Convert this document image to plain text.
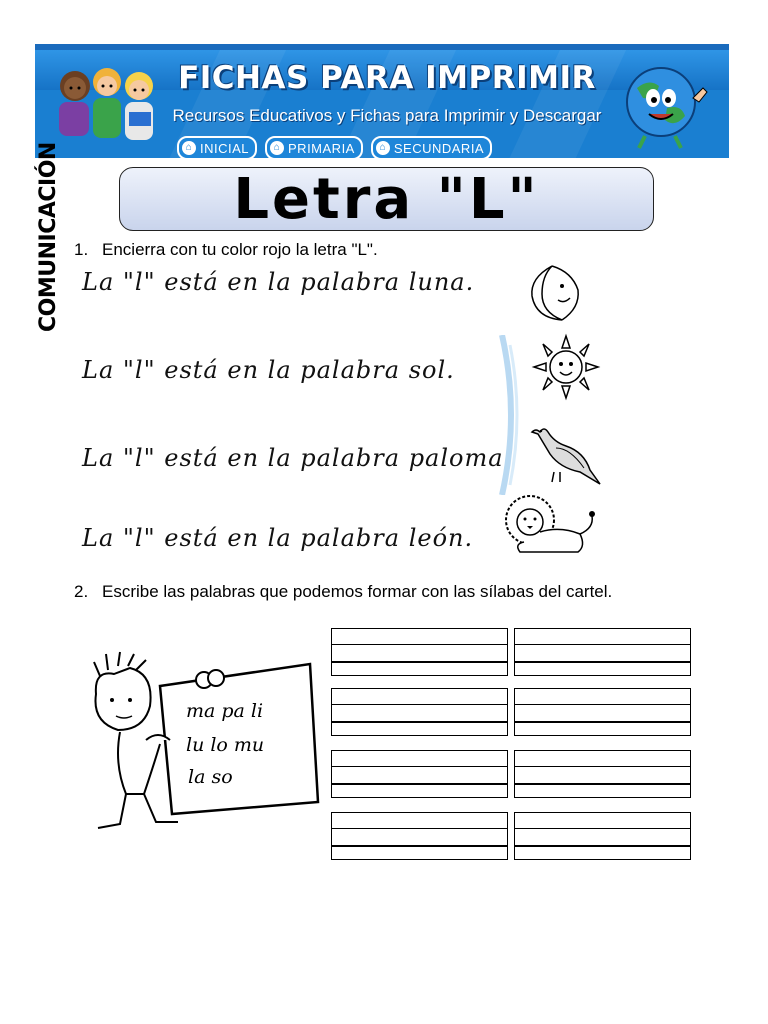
FICHAS PARA IMPRIMIR
Recursos Educativos y Fichas para Imprimir y Descargar
⌂ INICIAL	⌂ PRIMARIA	⌂ SECUNDARIA
COMUNICACIÓN	Letra "L"
1. Encierra con tu color rojo la letra "L".
La "l" está en la palabra luna.
La "l" está en la palabra sol.
La "l" está en la palabra paloma.
La "l" está en la palabra león.
2. Escribe las palabras que podemos formar con las sílabas del cartel.
ma pa li
lu lo mu
la so
